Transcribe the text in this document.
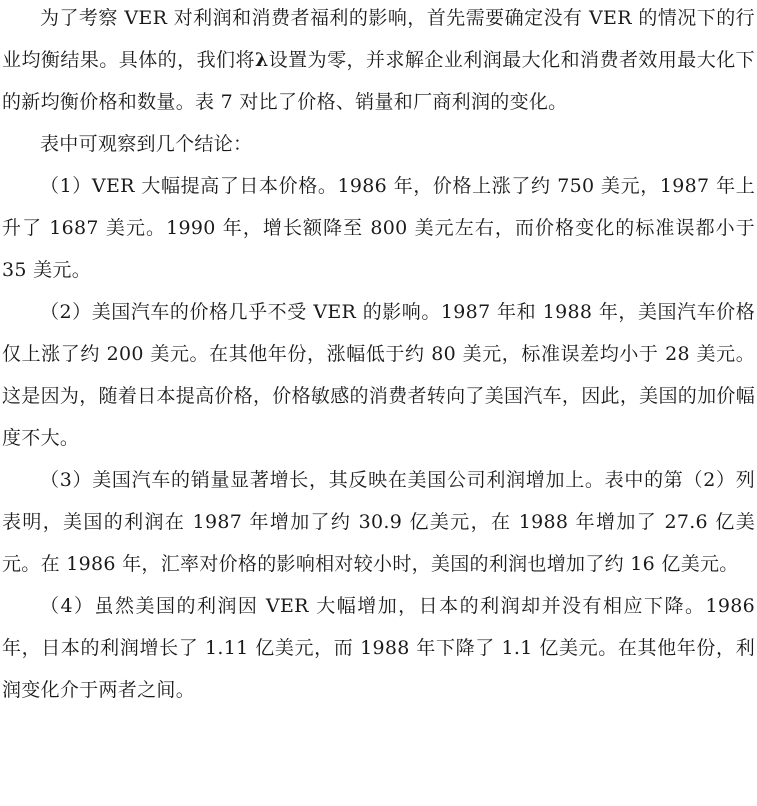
为了考察 VER 对利润和消费者福利的影响，首先需要确定没有 VER 的情况下的行业均衡结果。具体的，我们将λ设置为零，并求解企业利润最大化和消费者效用最大化下的新均衡价格和数量。表 7 对比了价格、销量和厂商利润的变化。

表中可观察到几个结论：

（1）VER 大幅提高了日本价格。1986 年，价格上涨了约 750 美元，1987 年上升了 1687 美元。1990 年，增长额降至 800 美元左右，而价格变化的标准误都小于 35 美元。

（2）美国汽车的价格几乎不受 VER 的影响。1987 年和 1988 年，美国汽车价格仅上涨了约 200 美元。在其他年份，涨幅低于约 80 美元，标准误差均小于 28 美元。这是因为，随着日本提高价格，价格敏感的消费者转向了美国汽车，因此，美国的加价幅度不大。

（3）美国汽车的销量显著增长，其反映在美国公司利润增加上。表中的第（2）列表明，美国的利润在 1987 年增加了约 30.9 亿美元，在 1988 年增加了 27.6 亿美元。在 1986 年，汇率对价格的影响相对较小时，美国的利润也增加了约 16 亿美元。

（4）虽然美国的利润因 VER 大幅增加，日本的利润却并没有相应下降。1986 年，日本的利润增长了 1.11 亿美元，而 1988 年下降了 1.1 亿美元。在其他年份，利润变化介于两者之间。
